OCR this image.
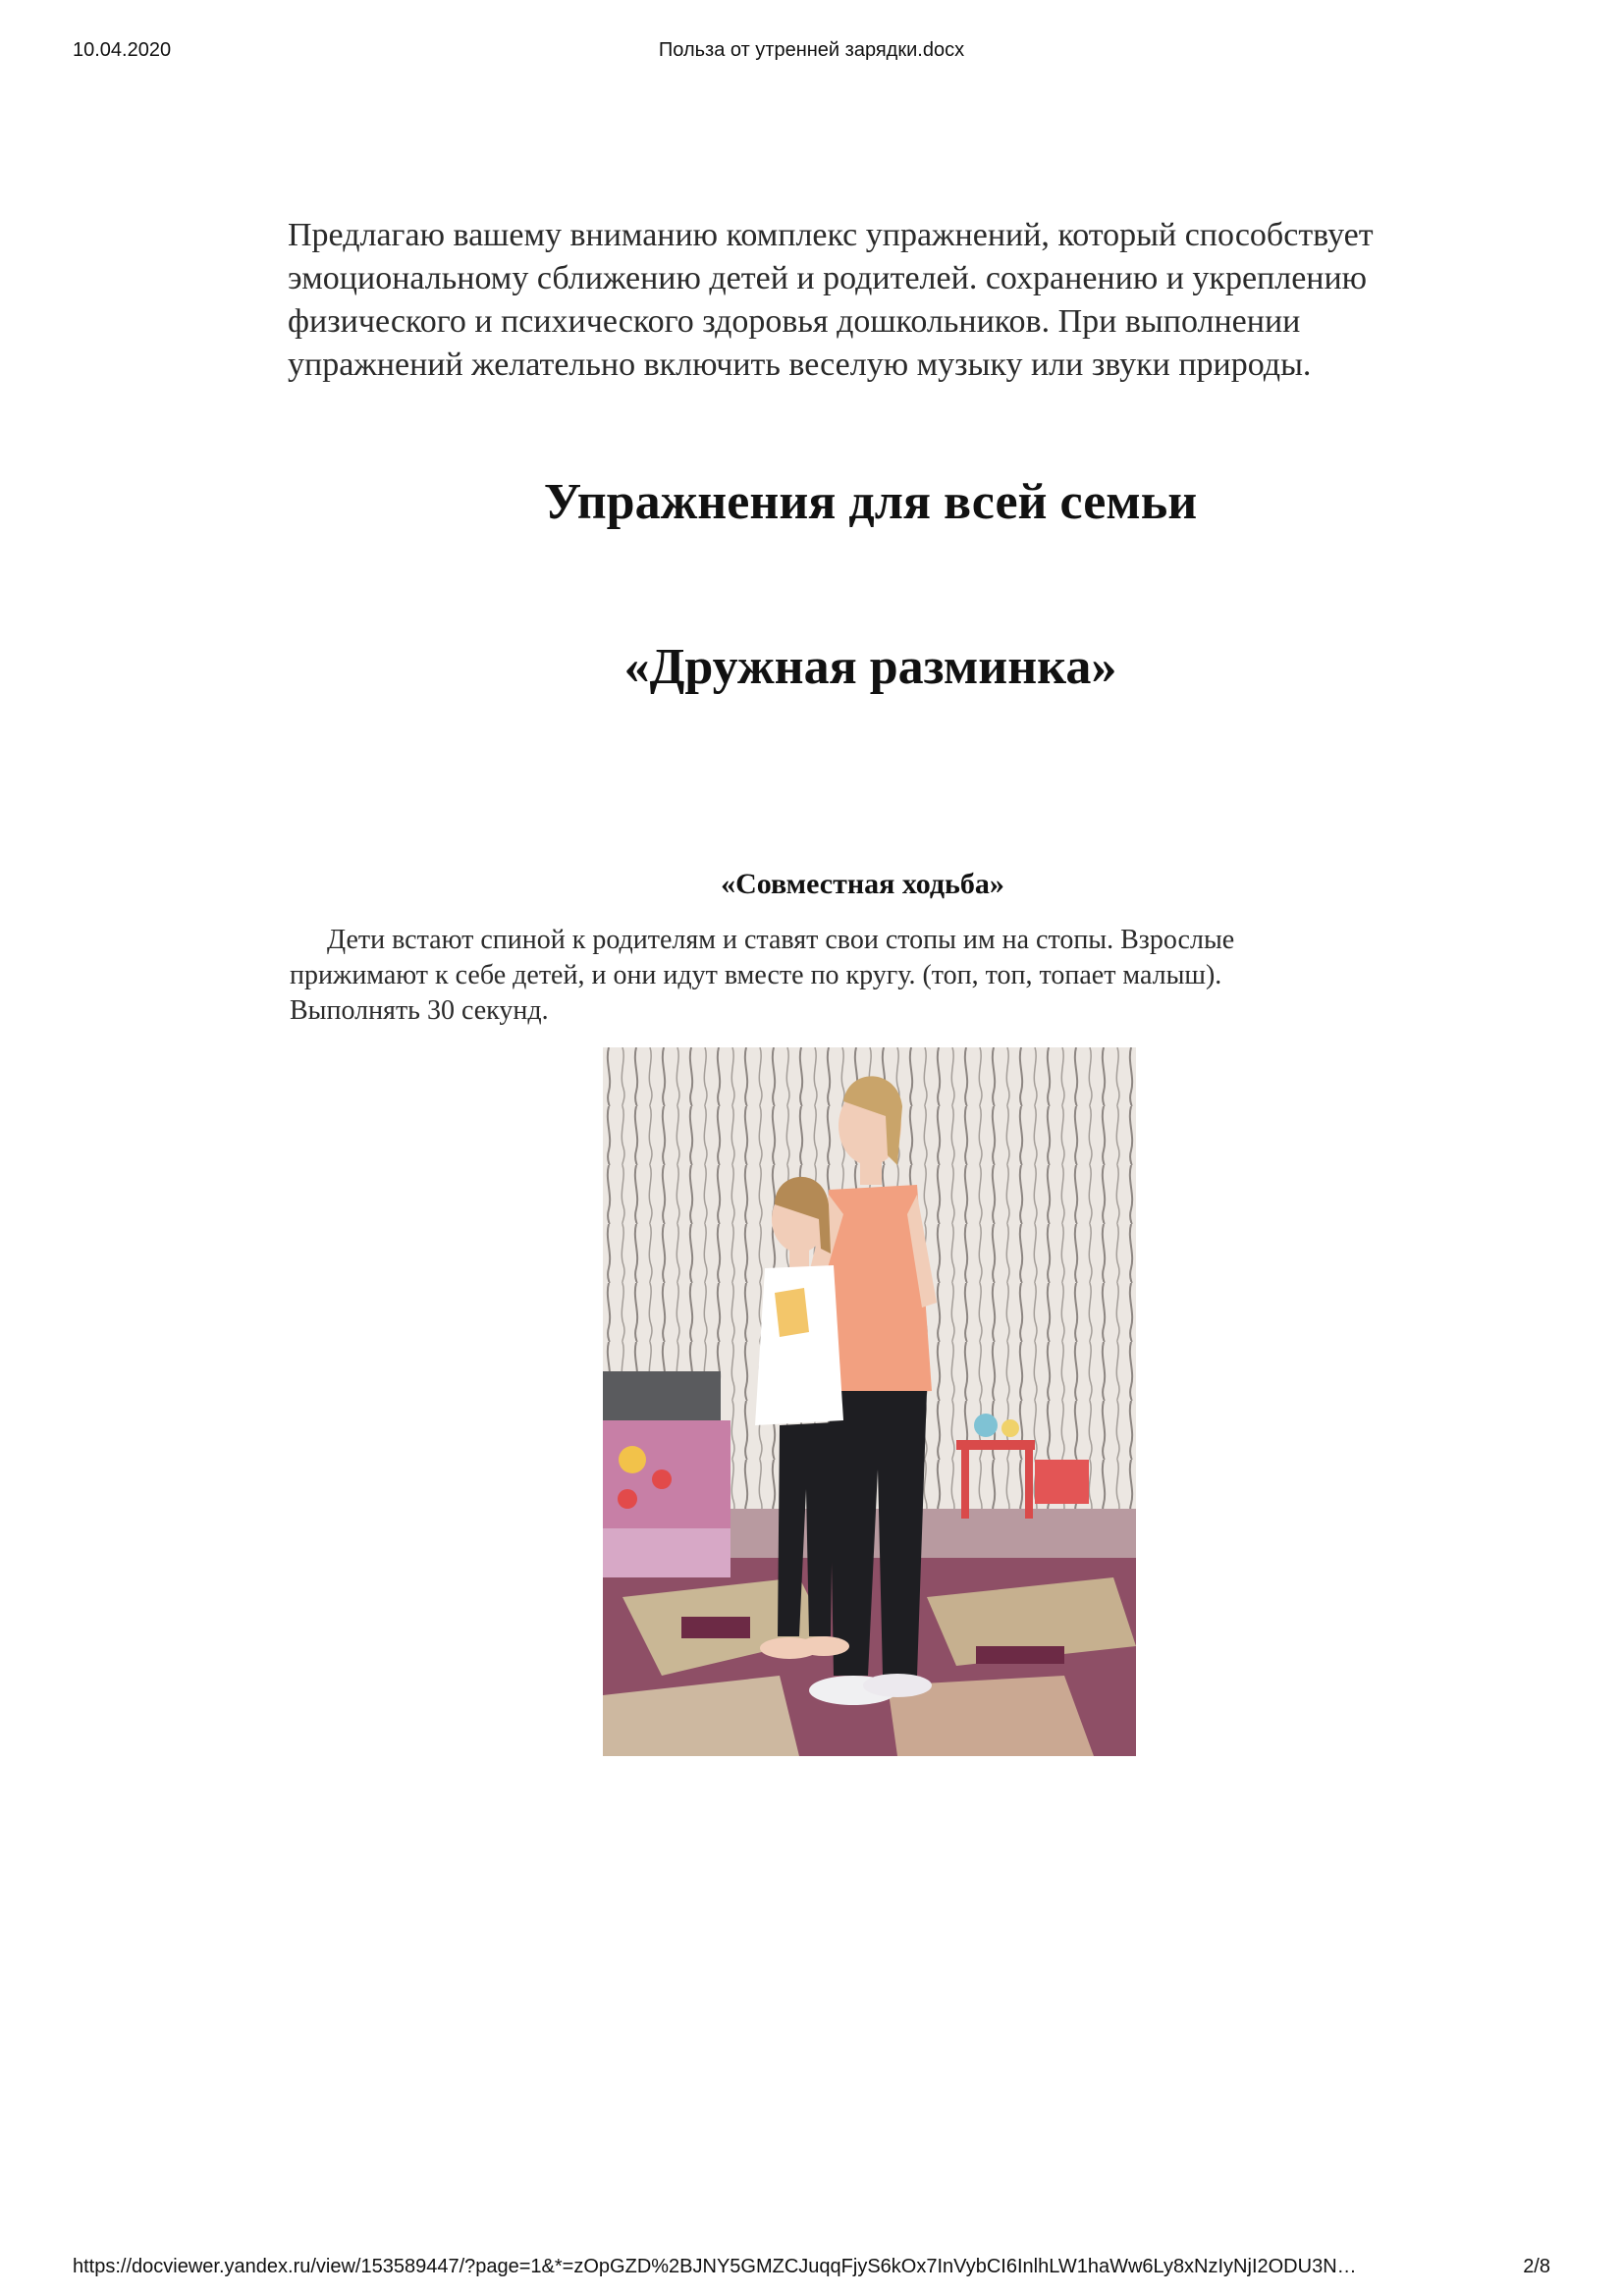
10.04.2020	Польза от утренней зарядки.docx
Предлагаю вашему вниманию комплекс упражнений, который способствует
эмоциональному сближению детей и родителей. сохранению и укреплению
физического и психического здоровья дошкольников. При выполнении
упражнений желательно включить веселую музыку или звуки природы.
Упражнения для всей семьи
«Дружная разминка»
«Совместная ходьба»
Дети встают спиной к родителям и ставят свои стопы им на стопы. Взрослые
прижимают к себе детей, и они идут вместе по кругу. (топ, топ, топает малыш).
Выполнять 30 секунд.
https://docviewer.yandex.ru/view/153589447/?page=1&*=zOpGZD%2BJNY5GMZCJuqqFjyS6kOx7InVybCI6InlhLW1haWw6Ly8xNzIyNjI2ODU3N…	2/8
